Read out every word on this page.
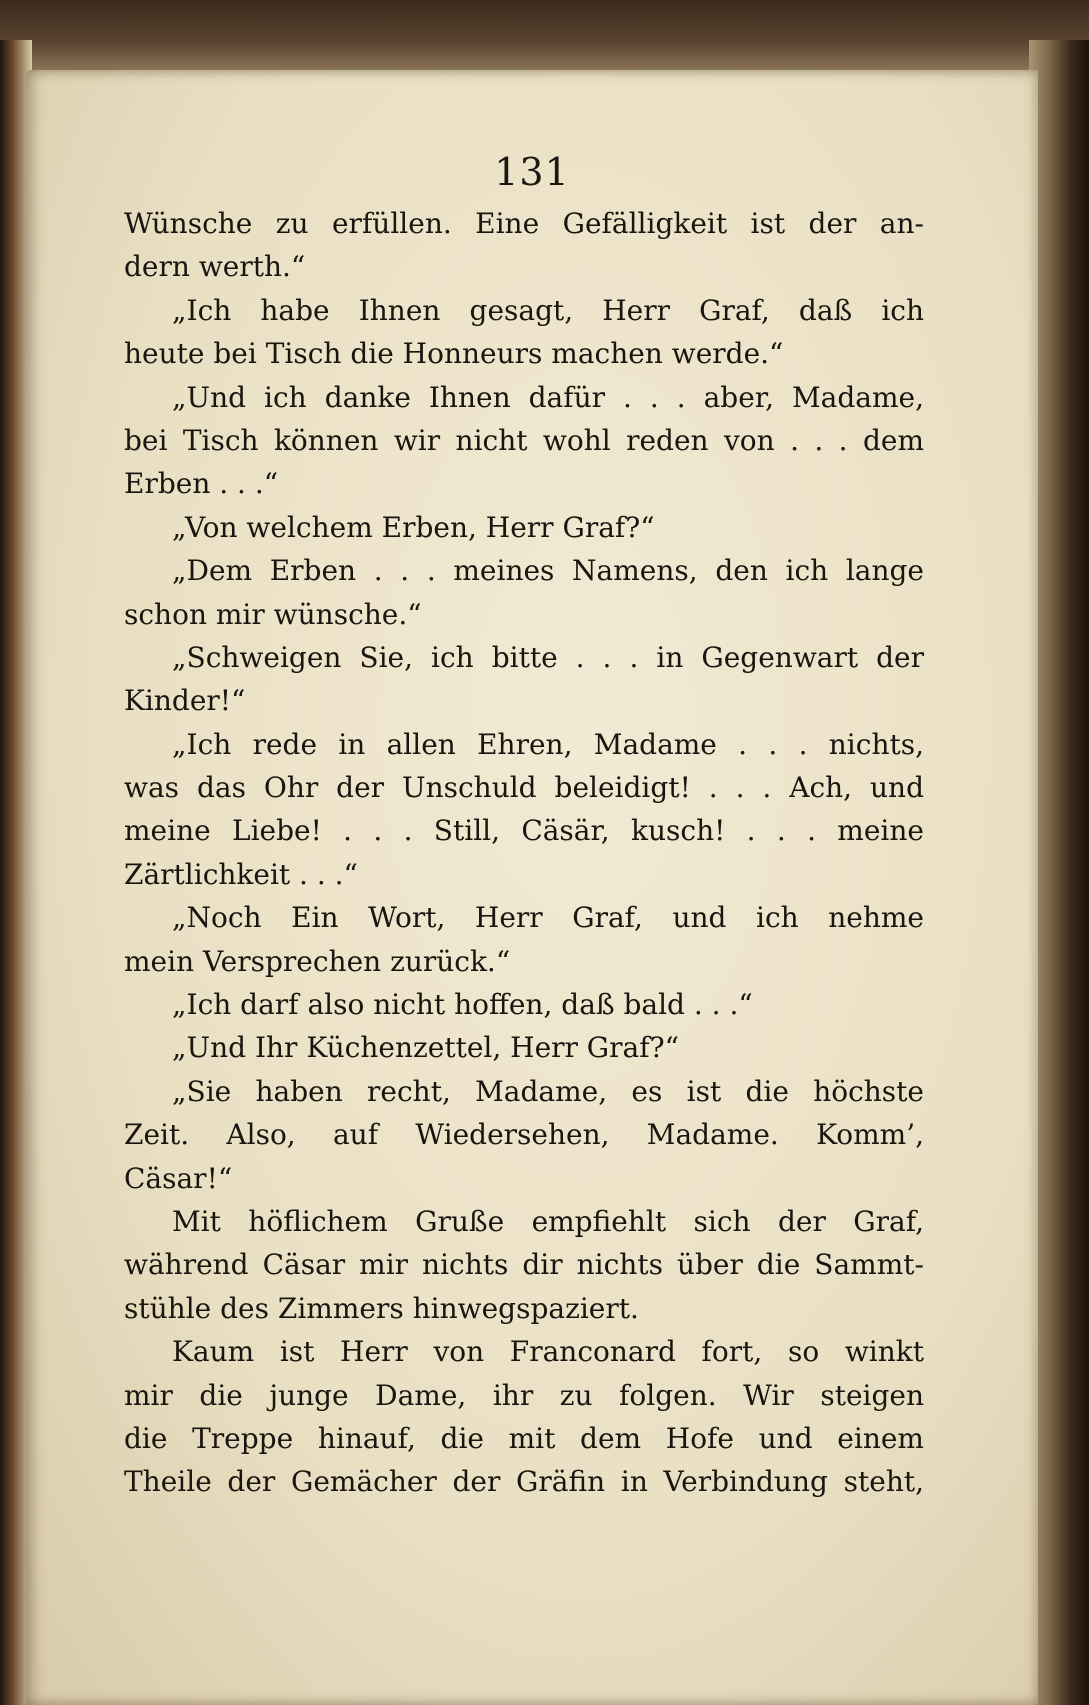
131
Wünsche zu erfüllen. Eine Gefälligkeit ist der an-
dern werth.“
„Ich habe Ihnen gesagt, Herr Graf, daß ich
heute bei Tisch die Honneurs machen werde.“
„Und ich danke Ihnen dafür . . . aber, Madame,
bei Tisch können wir nicht wohl reden von . . . dem
Erben . . .“
„Von welchem Erben, Herr Graf?“
„Dem Erben . . . meines Namens, den ich lange
schon mir wünsche.“
„Schweigen Sie, ich bitte . . . in Gegenwart der
Kinder!“
„Ich rede in allen Ehren, Madame . . . nichts,
was das Ohr der Unschuld beleidigt! . . . Ach, und
meine Liebe! . . . Still, Cäsär, kusch! . . . meine
Zärtlichkeit . . .“
„Noch Ein Wort, Herr Graf, und ich nehme
mein Versprechen zurück.“
„Ich darf also nicht hoffen, daß bald . . .“
„Und Ihr Küchenzettel, Herr Graf?“
„Sie haben recht, Madame, es ist die höchste
Zeit. Also, auf Wiedersehen, Madame. Komm’,
Cäsar!“
Mit höflichem Gruße empfiehlt sich der Graf,
während Cäsar mir nichts dir nichts über die Sammt-
stühle des Zimmers hinwegspaziert.
Kaum ist Herr von Franconard fort, so winkt
mir die junge Dame, ihr zu folgen. Wir steigen
die Treppe hinauf, die mit dem Hofe und einem
Theile der Gemächer der Gräfin in Verbindung steht,
